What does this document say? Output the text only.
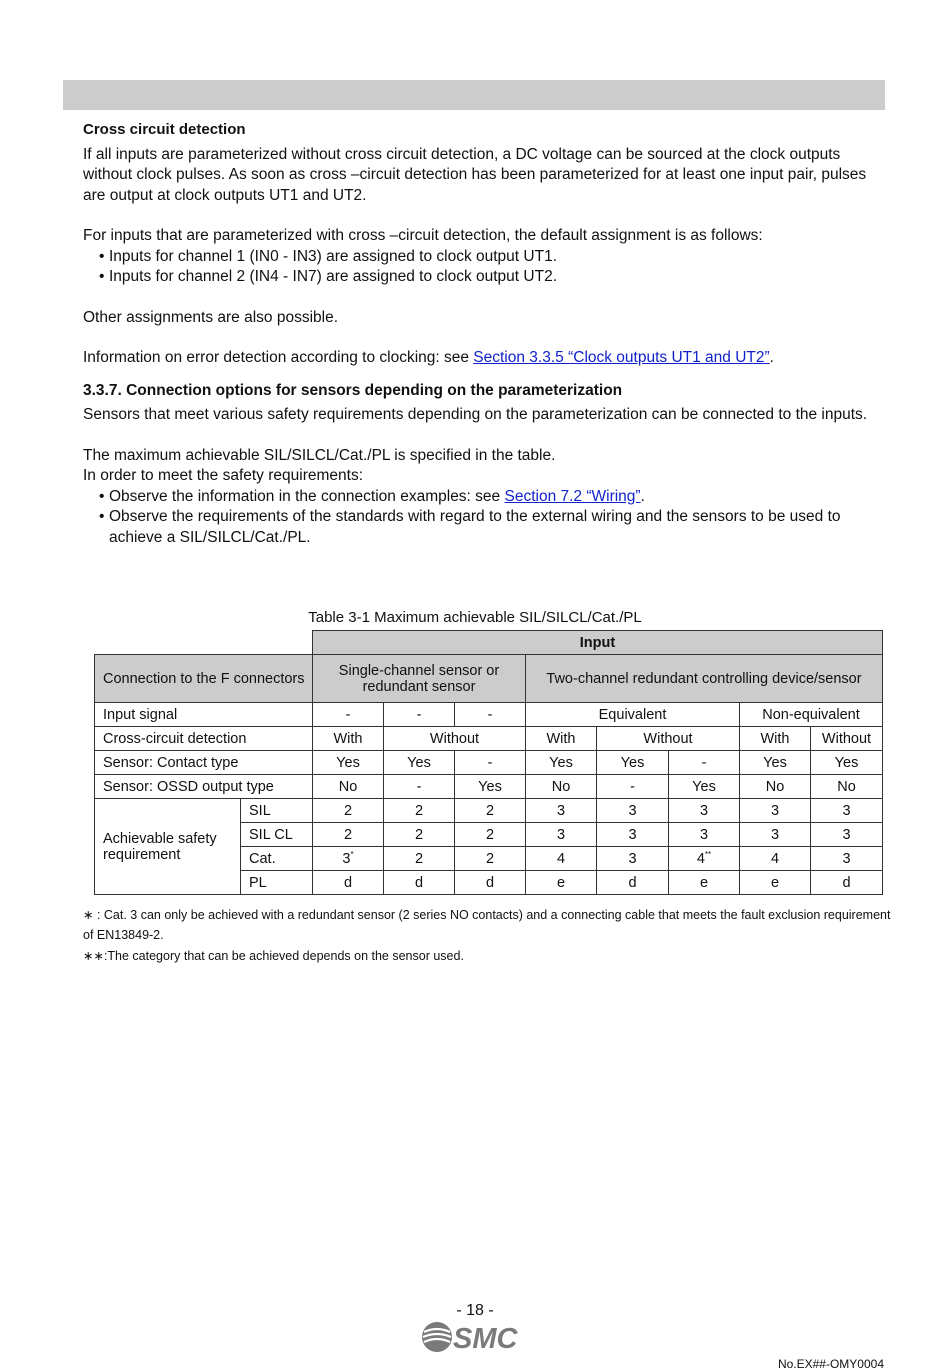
Cross circuit detection

If all inputs are parameterized without cross circuit detection, a DC voltage can be sourced at the clock outputs without clock pulses. As soon as cross –circuit detection has been parameterized for at least one input pair, pulses are output at clock outputs UT1 and UT2.

For inputs that are parameterized with cross –circuit detection, the default assignment is as follows:

• Inputs for channel 1 (IN0 - IN3) are assigned to clock output UT1.
• Inputs for channel 2 (IN4 - IN7) are assigned to clock output UT2.

Other assignments are also possible.

Information on error detection according to clocking: see Section 3.3.5 “Clock outputs UT1 and UT2”.

3.3.7. Connection options for sensors depending on the parameterization

Sensors that meet various safety requirements depending on the parameterization can be connected to the inputs.

The maximum achievable SIL/SILCL/Cat./PL is specified in the table.

In order to meet the safety requirements:

• Observe the information in the connection examples: see Section 7.2 “Wiring”.
• Observe the requirements of the standards with regard to the external wiring and the sensors to be used to achieve a SIL/SILCL/Cat./PL.
Table 3-1 Maximum achievable SIL/SILCL/Cat./PL
		Input							
Connection to the F connectors		Single-channel sensor or redundant sensor			Two-channel redundant controlling device/sensor				
Input signal		-	-	-	Equivalent			Non-equivalent	
Cross-circuit detection		With	Without		With	Without		With	Without
Sensor: Contact type		Yes	Yes	-	Yes	Yes	-	Yes	Yes
Sensor: OSSD output type		No	-	Yes	No	-	Yes	No	No
Achievable safety requirement	SIL	2	2	2	3	3	3	3	3
	SIL CL	2	2	2	3	3	3	3	3
	Cat.	3*	2	2	4	3	4**	4	3
	PL	d	d	d	e	d	e	e	d
∗ : Cat. 3 can only be achieved with a redundant sensor (2 series NO contacts) and a connecting cable that meets the fault exclusion requirement of EN13849-2.
∗∗:The category that can be achieved depends on the sensor used.
- 18 -
SMC
No.EX##-OMY0004
